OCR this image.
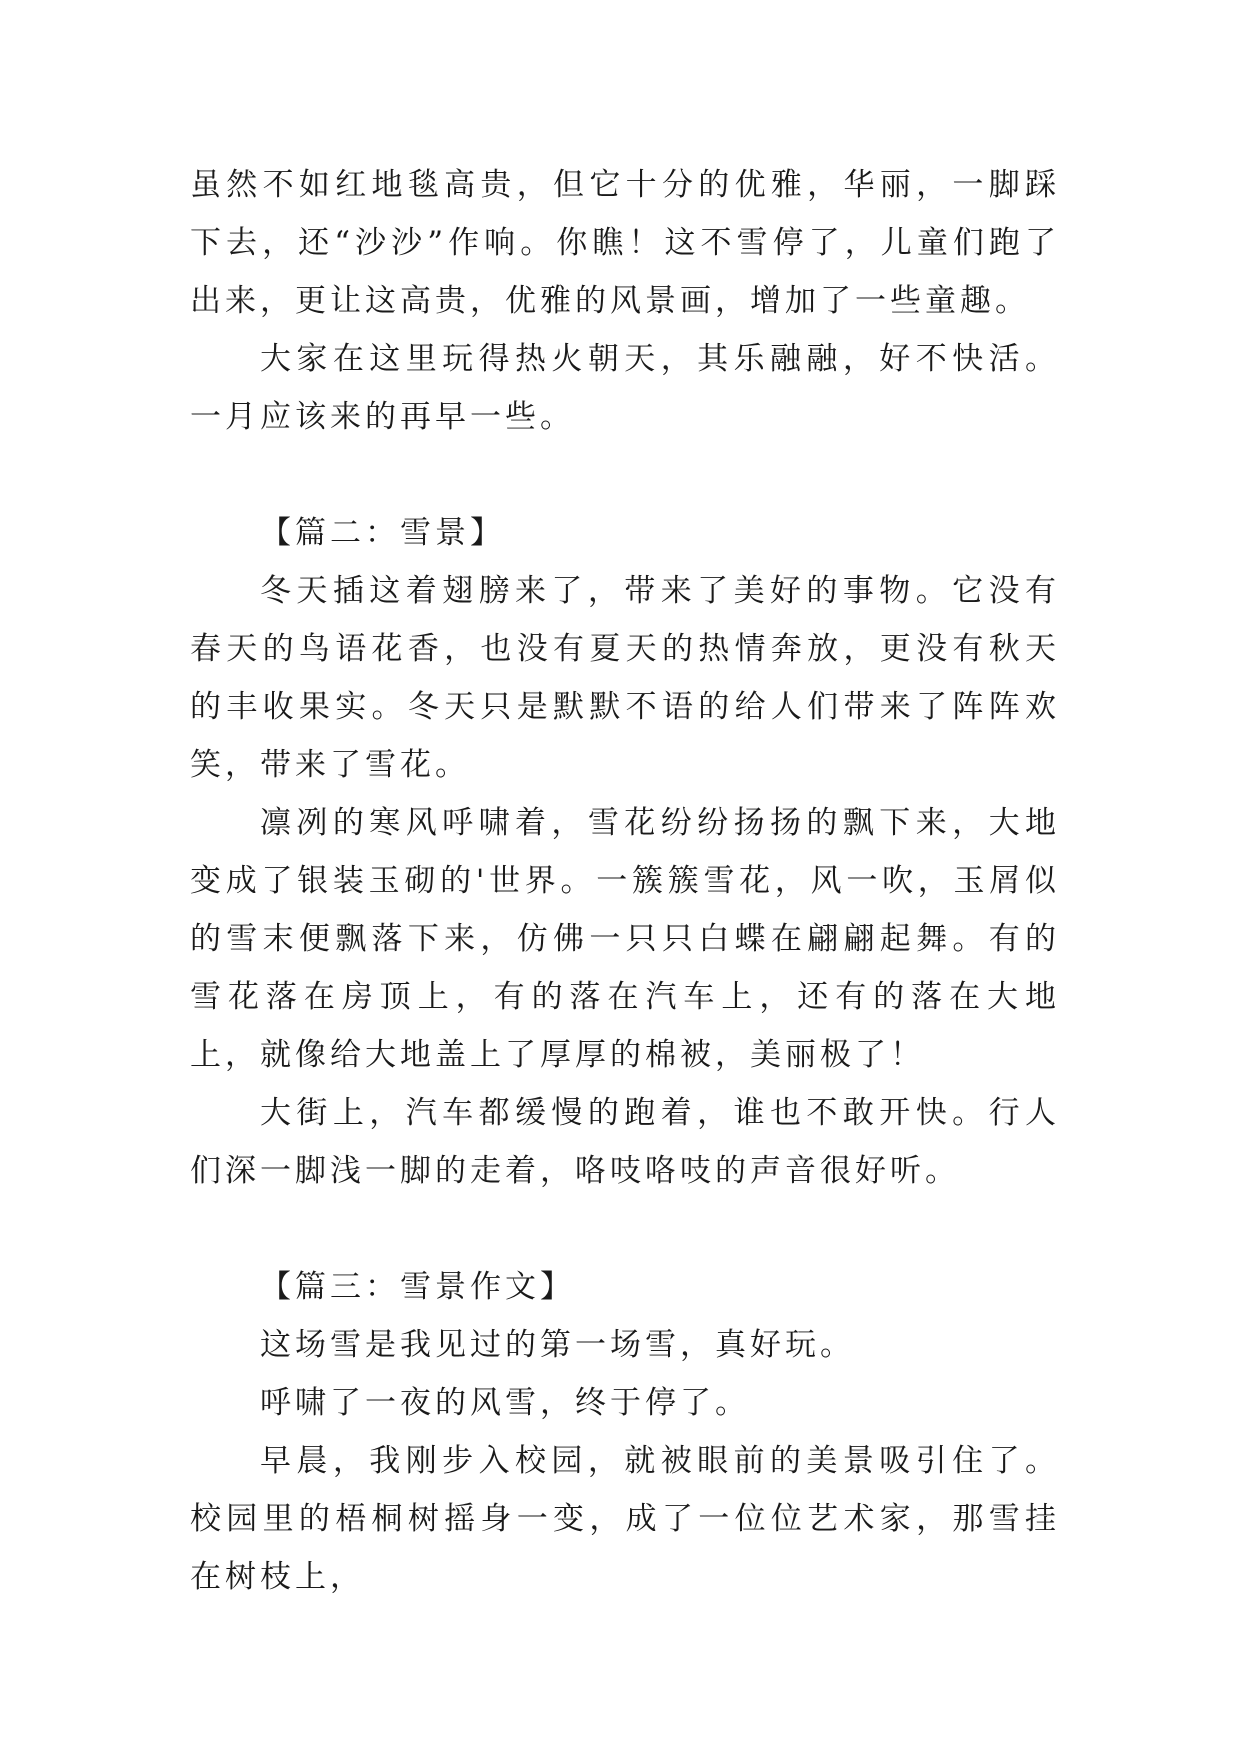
虽然不如红地毯高贵，但它十分的优雅，华丽，一脚踩下去，还“沙沙”作响。你瞧！这不雪停了，儿童们跑了出来，更让这高贵，优雅的风景画，增加了一些童趣。

大家在这里玩得热火朝天，其乐融融，好不快活。一月应该来的再早一些。

【篇二：雪景】

冬天插这着翅膀来了，带来了美好的事物。它没有春天的鸟语花香，也没有夏天的热情奔放，更没有秋天的丰收果实。冬天只是默默不语的给人们带来了阵阵欢笑，带来了雪花。

凛冽的寒风呼啸着，雪花纷纷扬扬的飘下来，大地变成了银装玉砌的'世界。一簇簇雪花，风一吹，玉屑似的雪末便飘落下来，仿佛一只只白蝶在翩翩起舞。有的雪花落在房顶上，有的落在汽车上，还有的落在大地上，就像给大地盖上了厚厚的棉被，美丽极了！

大街上，汽车都缓慢的跑着，谁也不敢开快。行人们深一脚浅一脚的走着，咯吱咯吱的声音很好听。

【篇三：雪景作文】

这场雪是我见过的第一场雪，真好玩。

呼啸了一夜的风雪，终于停了。

早晨，我刚步入校园，就被眼前的美景吸引住了。校园里的梧桐树摇身一变，成了一位位艺术家，那雪挂在树枝上，
